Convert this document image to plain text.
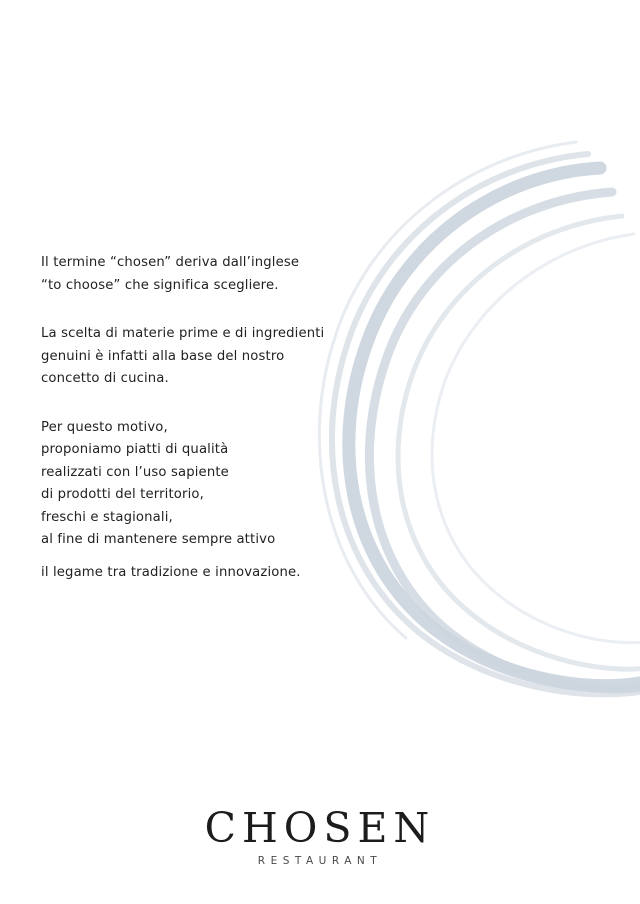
Il termine “chosen” deriva dall’inglese
“to choose” che significa scegliere.
La scelta di materie prime e di ingredienti
genuini è infatti alla base del nostro
concetto di cucina.
Per questo motivo,
proponiamo piatti di qualità
realizzati con l’uso sapiente
di prodotti del territorio,
freschi e stagionali,
al fine di mantenere sempre attivo
il legame tra tradizione e innovazione.
CHOSEN
RESTAURANT
